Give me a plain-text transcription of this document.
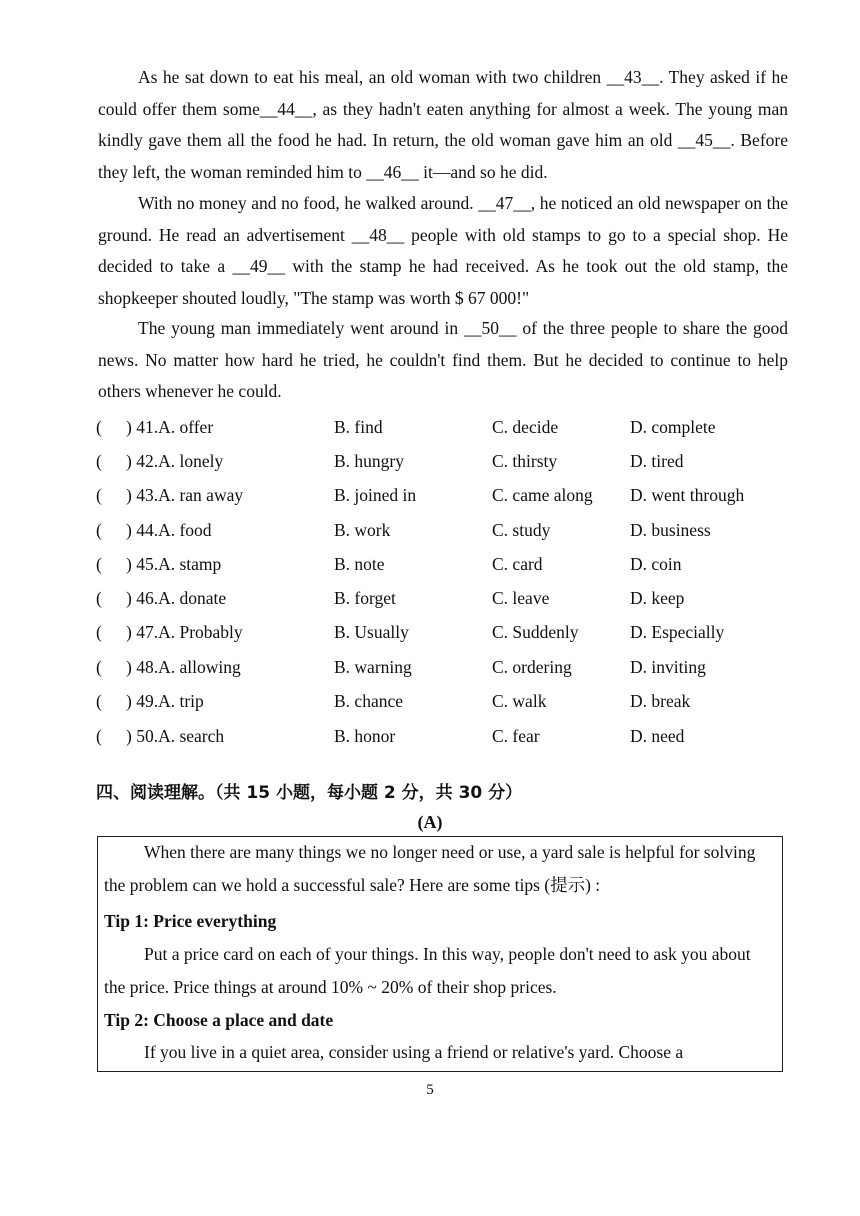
As he sat down to eat his meal, an old woman with two children __43__. They asked if he could offer them some__44__, as they hadn't eaten anything for almost a week. The young man kindly gave them all the food he had. In return, the old woman gave him an old __45__. Before they left, the woman reminded him to __46__ it—and so he did.

With no money and no food, he walked around. __47__, he noticed an old newspaper on the ground. He read an advertisement __48__ people with old stamps to go to a special shop. He decided to take a __49__ with the stamp he had received. As he took out the old stamp, the shopkeeper shouted loudly, "The stamp was worth $ 67 000!"

The young man immediately went around in __50__ of the three people to share the good news. No matter how hard he tried, he couldn't find them. But he decided to continue to help others whenever he could.

( ) 41.A. offer	B. find	C. decide	D. complete
( ) 42.A. lonely	B. hungry	C. thirsty	D. tired
( ) 43.A. ran away	B. joined in	C. came along D. went through
( ) 44.A. food	B. work	C. study	D. business
( ) 45.A. stamp	B. note	C. card	D. coin
( ) 46.A. donate	B. forget	C. leave	D. keep
( ) 47.A. Probably	B. Usually	C. Suddenly	D. Especially
( ) 48.A. allowing	B. warning	C. ordering	D. inviting
( ) 49.A. trip	B. chance	C. walk	D. break
( ) 50.A. search	B. honor	C. fear	D. need
四、阅读理解。（共 15 小题，每小题 2 分，共 30 分）
(A)

When there are many things we no longer need or use, a yard sale is helpful for solving the problem can we hold a successful sale? Here are some tips (提示) :

Tip 1: Price everything

Put a price card on each of your things. In this way, people don't need to ask you about the price. Price things at around 10% ~ 20% of their shop prices.

Tip 2: Choose a place and date

If you live in a quiet area, consider using a friend or relative's yard. Choose a

5
